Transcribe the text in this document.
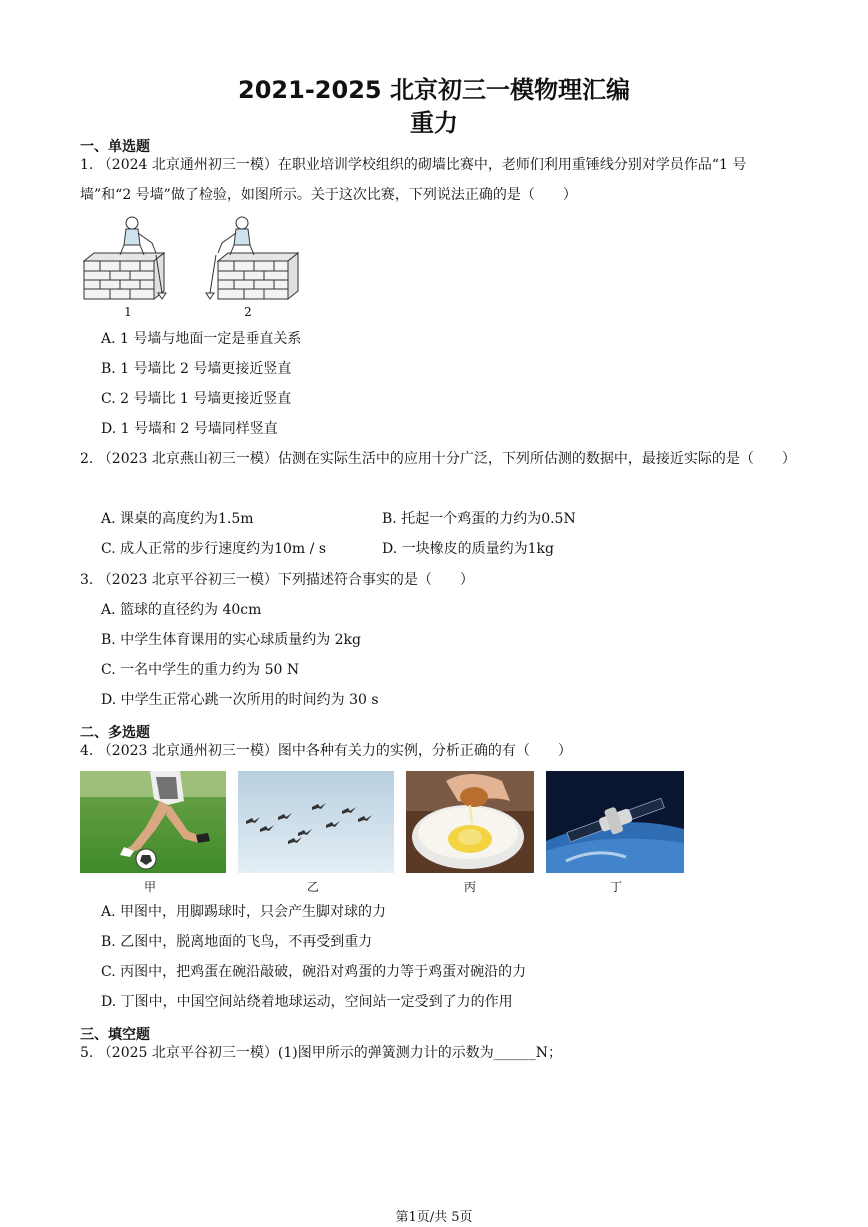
2021-2025 北京初三一模物理汇编
重力
一、单选题
1. （2024 北京通州初三一模）在职业培训学校组织的砌墙比赛中，老师们利用重锤线分别对学员作品“1 号墙”和“2 号墙”做了检验，如图所示。关于这次比赛，下列说法正确的是（　　）
1	2
A. 1 号墙与地面一定是垂直关系
B. 1 号墙比 2 号墙更接近竖直
C. 2 号墙比 1 号墙更接近竖直
D. 1 号墙和 2 号墙同样竖直
2. （2023 北京燕山初三一模）估测在实际生活中的应用十分广泛，下列所估测的数据中，最接近实际的是（　　）
A. 课桌的高度约为1.5m	B. 托起一个鸡蛋的力约为0.5N
C. 成人正常的步行速度约为10m / s	D. 一块橡皮的质量约为1kg
3. （2023 北京平谷初三一模）下列描述符合事实的是（　　）
A. 篮球的直径约为 40cm
B. 中学生体育课用的实心球质量约为 2kg
C. 一名中学生的重力约为 50 N
D. 中学生正常心跳一次所用的时间约为 30 s
二、多选题
4. （2023 北京通州初三一模）图中各种有关力的实例，分析正确的有（　　）
甲	乙	丙	丁
A. 甲图中，用脚踢球时，只会产生脚对球的力
B. 乙图中，脱离地面的飞鸟，不再受到重力
C. 丙图中，把鸡蛋在碗沿敲破，碗沿对鸡蛋的力等于鸡蛋对碗沿的力
D. 丁图中，中国空间站绕着地球运动，空间站一定受到了力的作用
三、填空题
5. （2025 北京平谷初三一模）(1)图甲所示的弹簧测力计的示数为______N；
第1页/共 5页
